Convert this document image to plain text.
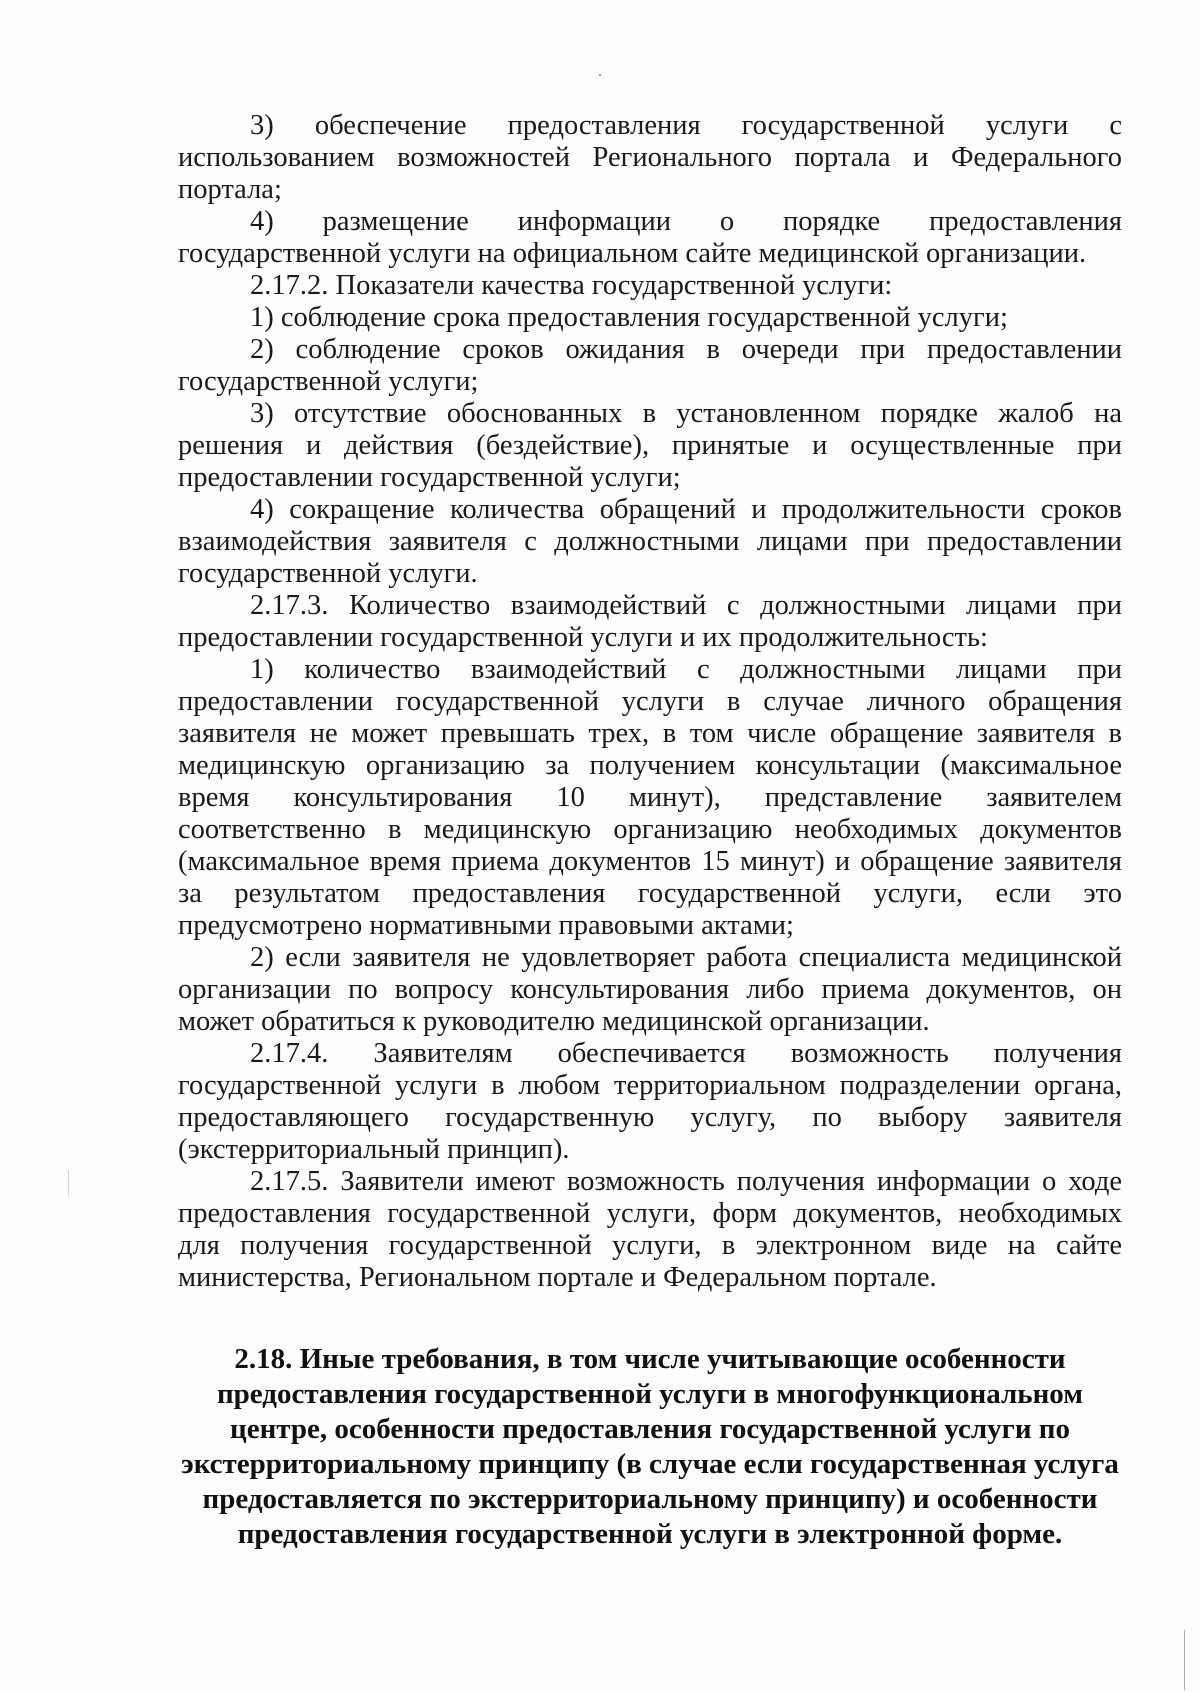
3) обеспечение предоставления государственной услуги с использованием возможностей Регионального портала и Федерального портала;

4) размещение информации о порядке предоставления государственной услуги на официальном сайте медицинской организации.

2.17.2. Показатели качества государственной услуги:

1) соблюдение срока предоставления государственной услуги;

2) соблюдение сроков ожидания в очереди при предоставлении государственной услуги;

3) отсутствие обоснованных в установленном порядке жалоб на решения и действия (бездействие), принятые и осуществленные при предоставлении государственной услуги;

4) сокращение количества обращений и продолжительности сроков взаимодействия заявителя с должностными лицами при предоставлении государственной услуги.

2.17.3. Количество взаимодействий с должностными лицами при предоставлении государственной услуги и их продолжительность:

1) количество взаимодействий с должностными лицами при предоставлении государственной услуги в случае личного обращения заявителя не может превышать трех, в том числе обращение заявителя в медицинскую организацию за получением консультации (максимальное время консультирования 10 минут), представление заявителем соответственно в медицинскую организацию необходимых документов (максимальное время приема документов 15 минут) и обращение заявителя за результатом предоставления государственной услуги, если это предусмотрено нормативными правовыми актами;

2) если заявителя не удовлетворяет работа специалиста медицинской организации по вопросу консультирования либо приема документов, он может обратиться к руководителю медицинской организации.

2.17.4. Заявителям обеспечивается возможность получения государственной услуги в любом территориальном подразделении органа, предоставляющего государственную услугу, по выбору заявителя (экстерриториальный принцип).

2.17.5. Заявители имеют возможность получения информации о ходе предоставления государственной услуги, форм документов, необходимых для получения государственной услуги, в электронном виде на сайте министерства, Региональном портале и Федеральном портале.

2.18. Иные требования, в том числе учитывающие особенности предоставления государственной услуги в многофункциональном центре, особенности предоставления государственной услуги по экстерриториальному принципу (в случае если государственная услуга предоставляется по экстерриториальному принципу) и особенности предоставления государственной услуги в электронной форме.
